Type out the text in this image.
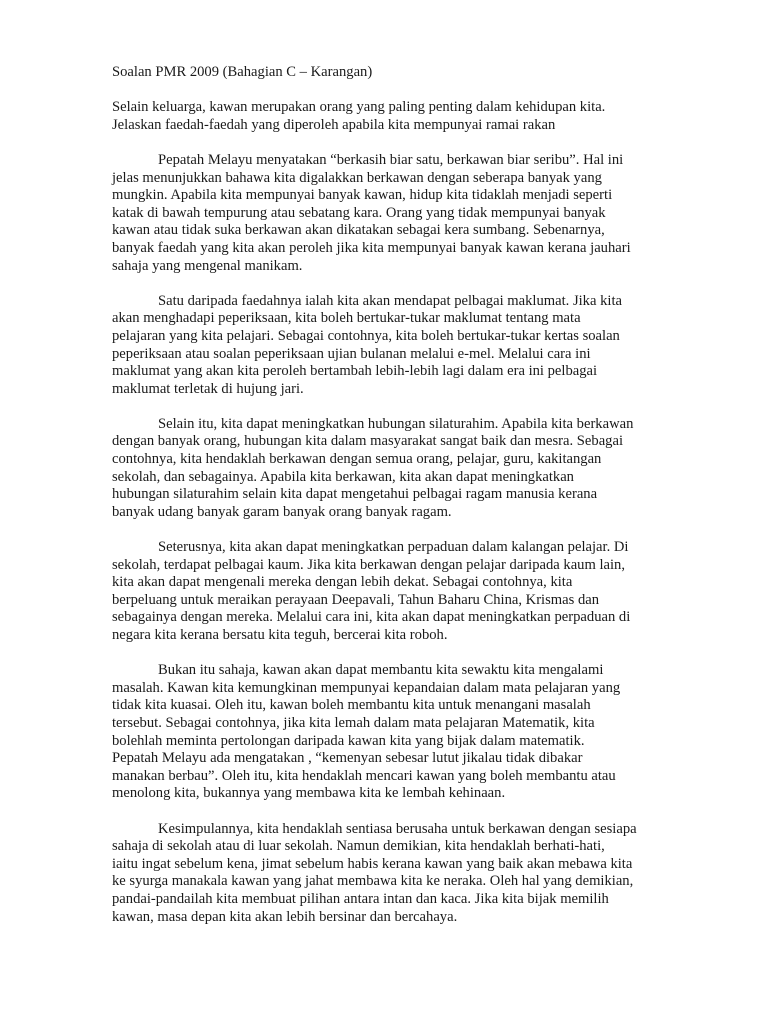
Soalan PMR 2009 (Bahagian C – Karangan)
Selain keluarga, kawan merupakan orang yang paling penting dalam kehidupan kita.
Jelaskan faedah-faedah yang diperoleh apabila kita mempunyai ramai rakan
Pepatah Melayu menyatakan “berkasih biar satu, berkawan biar seribu”. Hal ini
jelas menunjukkan bahawa kita digalakkan berkawan dengan seberapa banyak yang
mungkin. Apabila kita mempunyai banyak kawan, hidup kita tidaklah menjadi seperti
katak di bawah tempurung atau sebatang kara. Orang yang tidak mempunyai banyak
kawan atau tidak suka berkawan akan dikatakan sebagai kera sumbang. Sebenarnya,
banyak faedah yang kita akan peroleh jika kita mempunyai banyak kawan kerana jauhari
sahaja yang mengenal manikam.
Satu daripada faedahnya ialah kita akan mendapat pelbagai maklumat. Jika kita
akan menghadapi peperiksaan, kita boleh bertukar-tukar maklumat tentang mata
pelajaran yang kita pelajari. Sebagai contohnya, kita boleh bertukar-tukar kertas soalan
peperiksaan atau soalan peperiksaan ujian bulanan melalui e-mel. Melalui cara ini
maklumat yang akan kita peroleh bertambah lebih-lebih lagi dalam era ini pelbagai
maklumat terletak di hujung jari.
Selain itu, kita dapat meningkatkan hubungan silaturahim. Apabila kita berkawan
dengan banyak orang, hubungan kita dalam masyarakat sangat baik dan mesra. Sebagai
contohnya, kita hendaklah berkawan dengan semua orang, pelajar, guru, kakitangan
sekolah, dan sebagainya. Apabila kita berkawan, kita akan dapat meningkatkan
hubungan silaturahim selain kita dapat mengetahui pelbagai ragam manusia kerana
banyak udang banyak garam banyak orang banyak ragam.
Seterusnya, kita akan dapat meningkatkan perpaduan dalam kalangan pelajar. Di
sekolah, terdapat pelbagai kaum. Jika kita berkawan dengan pelajar daripada kaum lain,
kita akan dapat mengenali mereka dengan lebih dekat. Sebagai contohnya, kita
berpeluang untuk meraikan perayaan Deepavali, Tahun Baharu China, Krismas dan
sebagainya dengan mereka. Melalui cara ini, kita akan dapat meningkatkan perpaduan di
negara kita kerana bersatu kita teguh, bercerai kita roboh.
Bukan itu sahaja, kawan akan dapat membantu kita sewaktu kita mengalami
masalah. Kawan kita kemungkinan mempunyai kepandaian dalam mata pelajaran yang
tidak kita kuasai. Oleh itu, kawan boleh membantu kita untuk menangani masalah
tersebut. Sebagai contohnya, jika kita lemah dalam mata pelajaran Matematik, kita
bolehlah meminta pertolongan daripada kawan kita yang bijak dalam matematik.
Pepatah Melayu ada mengatakan , “kemenyan sebesar lutut jikalau tidak dibakar
manakan berbau”. Oleh itu, kita hendaklah mencari kawan yang boleh membantu atau
menolong kita, bukannya yang membawa kita ke lembah kehinaan.
Kesimpulannya, kita hendaklah sentiasa berusaha untuk berkawan dengan sesiapa
sahaja di sekolah atau di luar sekolah. Namun demikian, kita hendaklah berhati-hati,
iaitu ingat sebelum kena, jimat sebelum habis kerana kawan yang baik akan mebawa kita
ke syurga manakala kawan yang jahat membawa kita ke neraka. Oleh hal yang demikian,
pandai-pandailah kita membuat pilihan antara intan dan kaca. Jika kita bijak memilih
kawan, masa depan kita akan lebih bersinar dan bercahaya.
